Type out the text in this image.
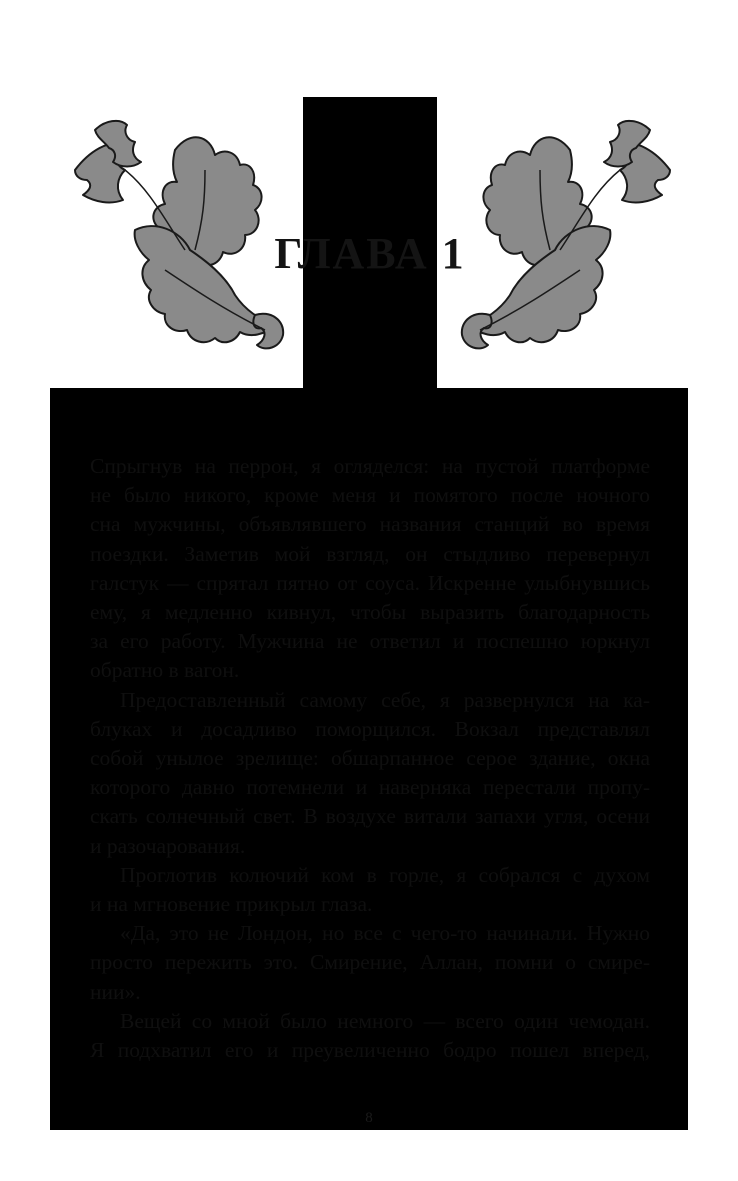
ГЛАВА 1

Спрыгнув на перрон, я огляделся: на пустой платформе

не было никого, кроме меня и помятого после ночного

сна мужчины, объявлявшего названия станций во время

поездки. Заметив мой взгляд, он стыдливо перевернул

галстук — спрятал пятно от соуса. Искренне улыбнувшись

ему, я медленно кивнул, чтобы выразить благодарность

за его работу. Мужчина не ответил и поспешно юркнул

обратно в вагон.

Предоставленный самому себе, я развернулся на ка-

блуках и досадливо поморщился. Вокзал представлял

собой унылое зрелище: обшарпанное серое здание, окна

которого давно потемнели и наверняка перестали пропу-

скать солнечный свет. В воздухе витали запахи угля, осени

и разочарования.

Проглотив колючий ком в горле, я собрался с духом

и на мгновение прикрыл глаза.

«Да, это не Лондон, но все с чего-то начинали. Нужно

просто пережить это. Смирение, Аллан, помни о смире-

нии».

Вещей со мной было немного — всего один чемодан.

Я подхватил его и преувеличенно бодро пошел вперед,

8
